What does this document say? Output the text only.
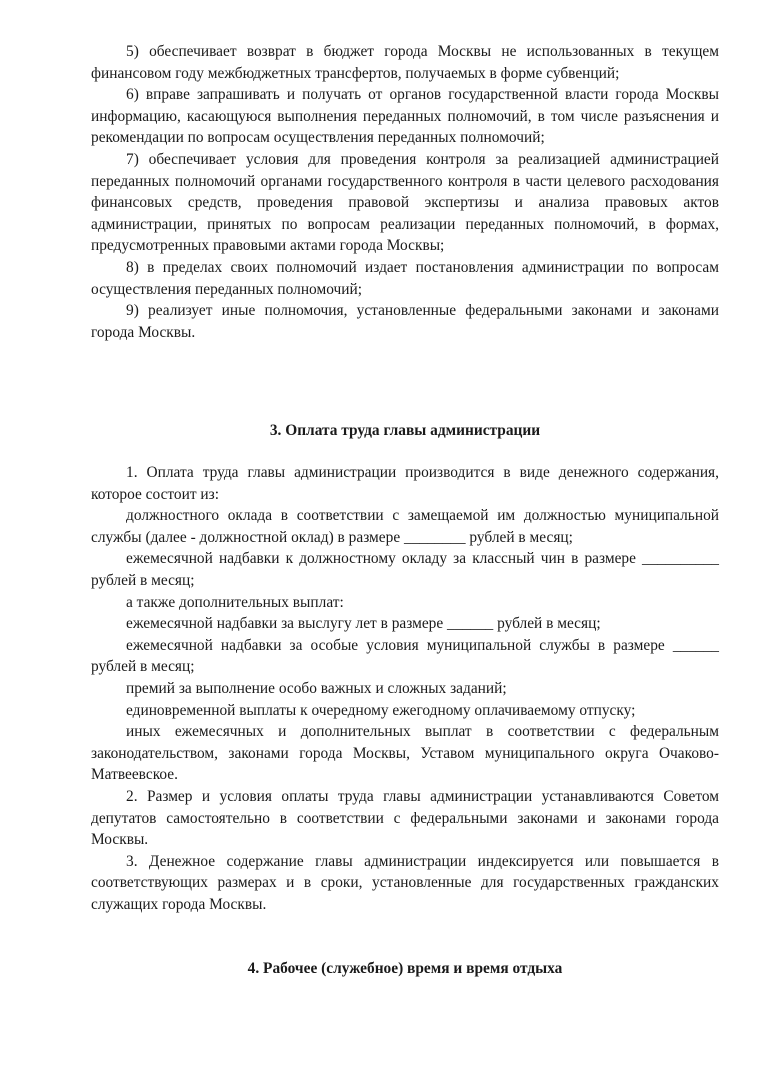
5) обеспечивает возврат в бюджет города Москвы не использованных в текущем финансовом году межбюджетных трансфертов, получаемых в форме субвенций;

6) вправе запрашивать и получать от органов государственной власти города Москвы информацию, касающуюся выполнения переданных полномочий, в том числе разъяснения и рекомендации по вопросам осуществления переданных полномочий;

7) обеспечивает условия для проведения контроля за реализацией администрацией переданных полномочий органами государственного контроля в части целевого расходования финансовых средств, проведения правовой экспертизы и анализа правовых актов администрации, принятых по вопросам реализации переданных полномочий, в формах, предусмотренных правовыми актами города Москвы;

8) в пределах своих полномочий издает постановления администрации по вопросам осуществления переданных полномочий;

9) реализует иные полномочия, установленные федеральными законами и законами города Москвы.

3. Оплата труда главы администрации

1. Оплата труда главы администрации производится в виде денежного содержания, которое состоит из:

должностного оклада в соответствии с замещаемой им должностью муниципальной службы (далее - должностной оклад) в размере ________ рублей в месяц;

ежемесячной надбавки к должностному окладу за классный чин в размере __________ рублей в месяц;

а также дополнительных выплат:

ежемесячной надбавки за выслугу лет в размере ______ рублей в месяц;

ежемесячной надбавки за особые условия муниципальной службы в размере ______ рублей в месяц;

премий за выполнение особо важных и сложных заданий;

единовременной выплаты к очередному ежегодному оплачиваемому отпуску;

иных ежемесячных и дополнительных выплат в соответствии с федеральным законодательством, законами города Москвы, Уставом муниципального округа Очаково-Матвеевское.

2. Размер и условия оплаты труда главы администрации устанавливаются Советом депутатов самостоятельно в соответствии с федеральными законами и законами города Москвы.

3. Денежное содержание главы администрации индексируется или повышается в соответствующих размерах и в сроки, установленные для государственных гражданских служащих города Москвы.

4. Рабочее (служебное) время и время отдыха
